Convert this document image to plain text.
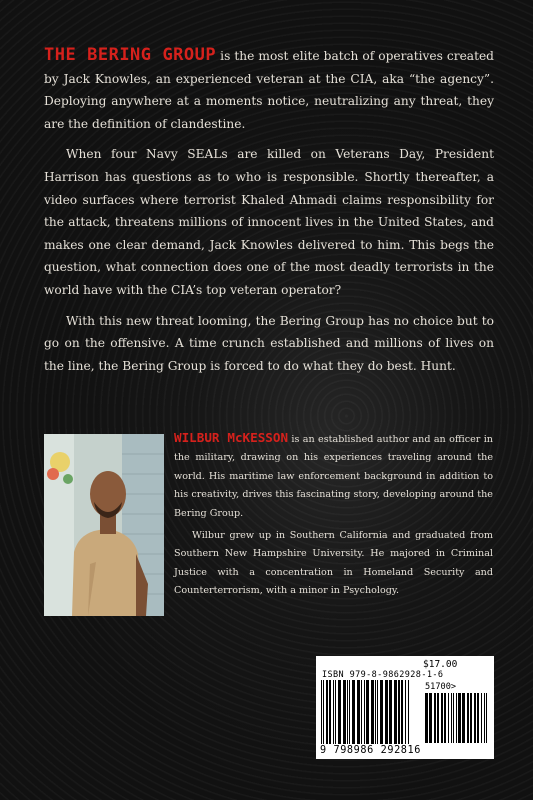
THE BERING GROUP is the most elite batch of operatives created by Jack Knowles, an experienced veteran at the CIA, aka “the agency”. Deploying anywhere at a moments notice, neutralizing any threat, they are the definition of clandestine.

When four Navy SEALs are killed on Veterans Day, President Harrison has questions as to who is responsible. Shortly thereafter, a video surfaces where terrorist Khaled Ahmadi claims responsibility for the attack, threatens millions of innocent lives in the United States, and makes one clear demand, Jack Knowles delivered to him. This begs the question, what connection does one of the most deadly terrorists in the world have with the CIA’s top veteran operator?

With this new threat looming, the Bering Group has no choice but to go on the offensive. A time crunch established and millions of lives on the line, the Bering Group is forced to do what they do best. Hunt.

WILBUR McKESSON is an established author and an officer in the military, drawing on his experiences traveling around the world. His maritime law enforcement background in addition to his creativity, drives this fascinating story, developing around the Bering Group.

Wilbur grew up in Southern California and graduated from Southern New Hampshire University. He majored in Criminal Justice with a concentration in Homeland Security and Counterterrorism, with a minor in Psychology.

$17.00
ISBN 979-8-9862928-1-6
51700>
9 798986 292816
